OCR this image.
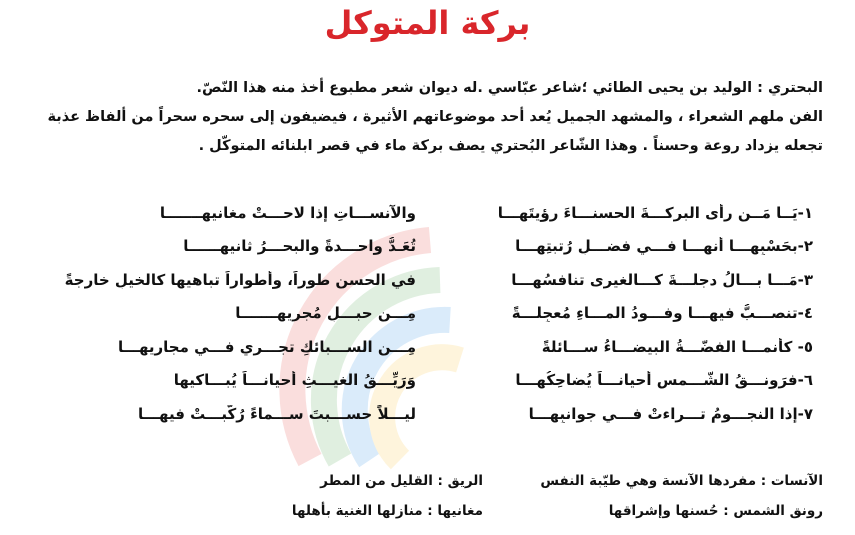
بركة المتوكل

البحتري : الوليد بن يحيى الطائي ؛شاعر عبّاسي .له ديوان شعر مطبوع أخذ منه هذا النّصّ.

الفن ملهم الشعراء ، والمشهد الجميل يُعد أحد موضوعاتهم الأثيرة ، فيضيفون إلى سحره سحراً من ألفاظ عذبة

تجعله يزداد روعة وحسناً . وهذا الشّاعر البُحتري يصف بركة ماء في قصر ابلنائه المتوكّل .

١-يَــا مَــن رأى البركـــةَ الحسنـــاءَ رؤيتَهـــا
والآنســـاتِ إذا لاحـــتْ مغانيهـــــــا
٢-بحَسْبِهـــا أنهـــا فـــي فضـــلِ رُتبتِهـــا
تُعَـدُّ واحـــدةً والبحـــرُ ثانيهــــــا
٣-مَـــا بـــالُ دجلـــةَ كـــالغيرى تنافسُهـــا
في الحسنِ طوراً، وأطواراً تباهيها كالخيلِ خارجةً
٤-تنصـــبُّ فيهـــا وفـــودُ المـــاءِ مُعجِلـــةً
مِـــن حبـــلِ مُجريهـــــــا
٥- كأنمـــا الفضّـــةُ البيضـــاءُ ســـائلةً
مِـــن الســـبائكِ تجـــري فـــي مجاريهـــا
٦-فرَونـــقُ الشّـــمسِ أحيانـــاً يُضاحِكُهـــا
وَرَيِّـــقُ الغيـــثِ أحيانـــاً يُبـــاكيها
٧-إذا النجـــومُ تـــراءتْ فـــي جوانبِهـــا
ليـــلاً حســـبتَ ســـماءً رُكّبـــتْ فيهـــا
الآنسات : مفردها الآنسة وهي طيّبة النفس
الريق : القليل من المطر
رونق الشمس : حُسنها وإشراقها
مغانيها : منازلها الغنية بأهلها
